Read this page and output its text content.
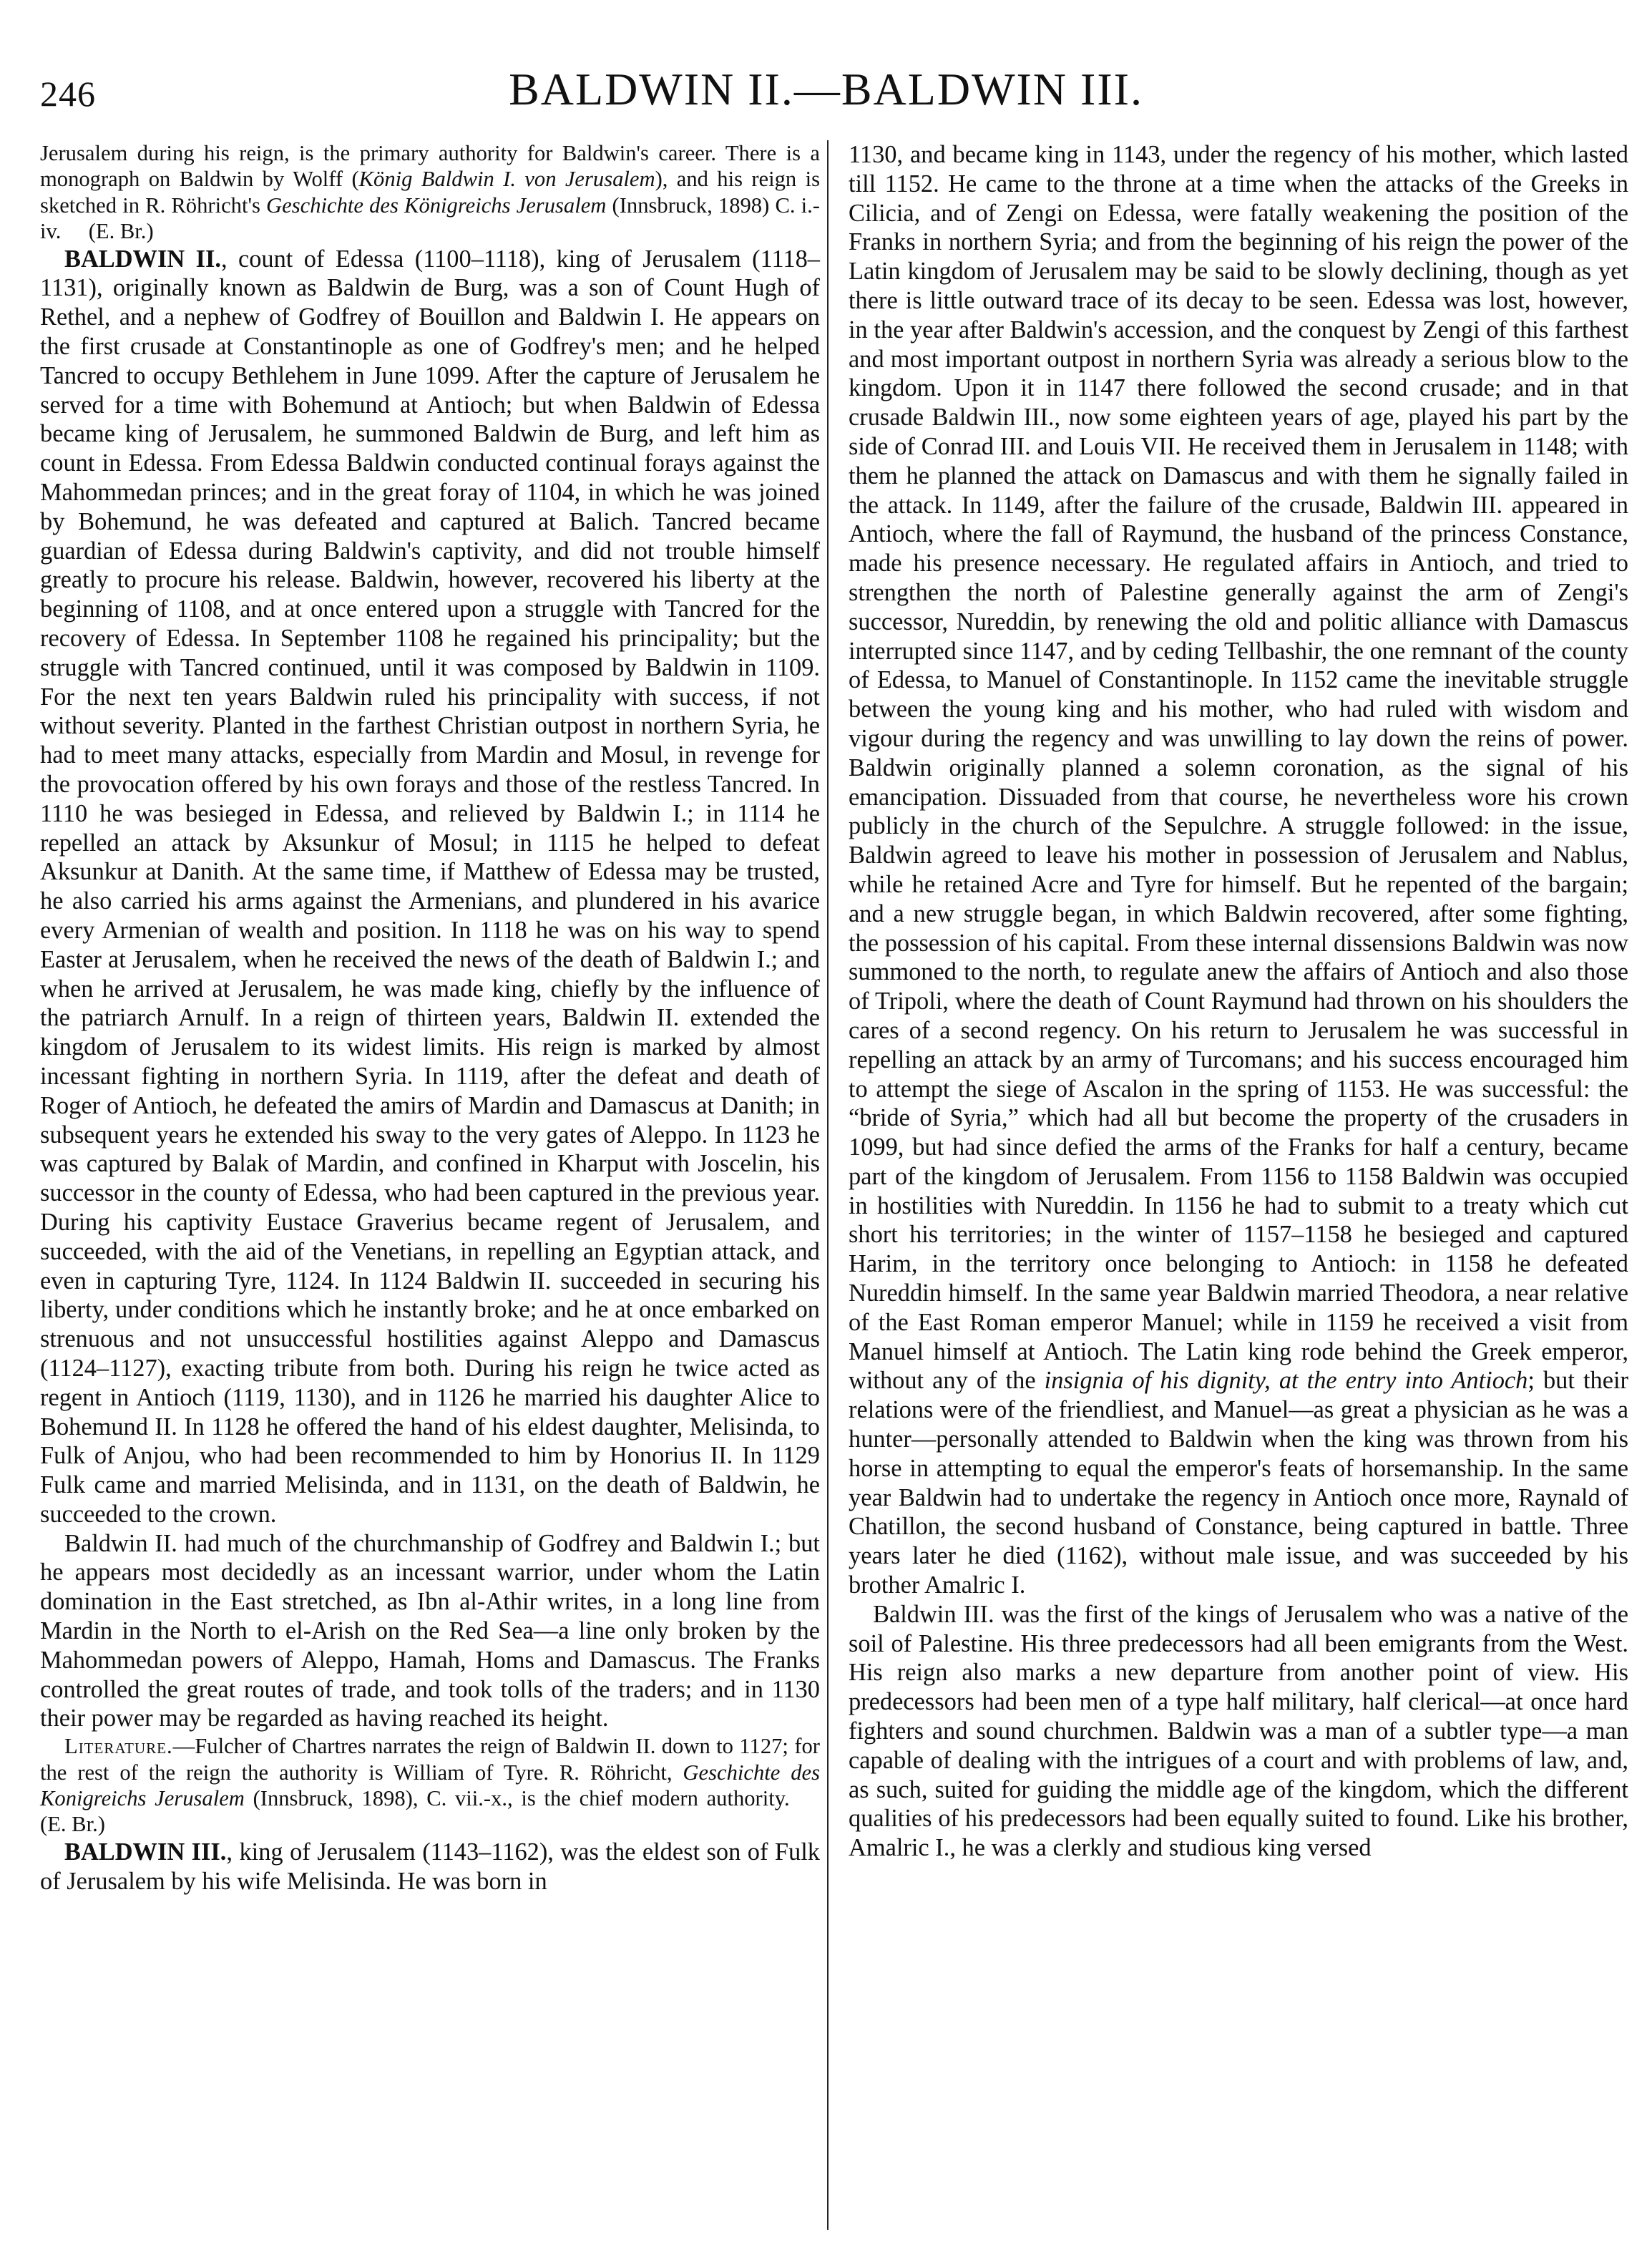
246	BALDWIN II.—BALDWIN III.

Jerusalem during his reign, is the primary authority for Baldwin's career. There is a monograph on Baldwin by Wolff (König Baldwin I. von Jerusalem), and his reign is sketched in R. Röhricht's Geschichte des Königreichs Jerusalem (Innsbruck, 1898) C. i.-iv.   (E. Br.)

BALDWIN II., count of Edessa (1100–1118), king of Jerusalem (1118–1131), originally known as Baldwin de Burg, was a son of Count Hugh of Rethel, and a nephew of Godfrey of Bouillon and Baldwin I. He appears on the first crusade at Constantinople as one of Godfrey's men; and he helped Tancred to occupy Bethlehem in June 1099. After the capture of Jerusalem he served for a time with Bohemund at Antioch; but when Baldwin of Edessa became king of Jerusalem, he summoned Baldwin de Burg, and left him as count in Edessa. From Edessa Baldwin conducted continual forays against the Mahommedan princes; and in the great foray of 1104, in which he was joined by Bohemund, he was defeated and captured at Balich. Tancred became guardian of Edessa during Baldwin's captivity, and did not trouble himself greatly to procure his release. Baldwin, however, recovered his liberty at the beginning of 1108, and at once entered upon a struggle with Tancred for the recovery of Edessa. In September 1108 he regained his principality; but the struggle with Tancred continued, until it was composed by Baldwin in 1109. For the next ten years Baldwin ruled his principality with success, if not without severity. Planted in the farthest Christian outpost in northern Syria, he had to meet many attacks, especially from Mardin and Mosul, in revenge for the provocation offered by his own forays and those of the restless Tancred. In 1110 he was besieged in Edessa, and relieved by Baldwin I.; in 1114 he repelled an attack by Aksunkur of Mosul; in 1115 he helped to defeat Aksunkur at Danith. At the same time, if Matthew of Edessa may be trusted, he also carried his arms against the Armenians, and plundered in his avarice every Armenian of wealth and position. In 1118 he was on his way to spend Easter at Jerusalem, when he received the news of the death of Baldwin I.; and when he arrived at Jerusalem, he was made king, chiefly by the influence of the patriarch Arnulf. In a reign of thirteen years, Baldwin II. extended the kingdom of Jerusalem to its widest limits. His reign is marked by almost incessant fighting in northern Syria. In 1119, after the defeat and death of Roger of Antioch, he defeated the amirs of Mardin and Damascus at Danith; in subsequent years he extended his sway to the very gates of Aleppo. In 1123 he was captured by Balak of Mardin, and confined in Kharput with Joscelin, his successor in the county of Edessa, who had been captured in the previous year. During his captivity Eustace Graverius became regent of Jerusalem, and succeeded, with the aid of the Venetians, in repelling an Egyptian attack, and even in capturing Tyre, 1124. In 1124 Baldwin II. succeeded in securing his liberty, under conditions which he instantly broke; and he at once embarked on strenuous and not unsuccessful hostilities against Aleppo and Damascus (1124–1127), exacting tribute from both. During his reign he twice acted as regent in Antioch (1119, 1130), and in 1126 he married his daughter Alice to Bohemund II. In 1128 he offered the hand of his eldest daughter, Melisinda, to Fulk of Anjou, who had been recommended to him by Honorius II. In 1129 Fulk came and married Melisinda, and in 1131, on the death of Baldwin, he succeeded to the crown.

Baldwin II. had much of the churchmanship of Godfrey and Baldwin I.; but he appears most decidedly as an incessant warrior, under whom the Latin domination in the East stretched, as Ibn al-Athir writes, in a long line from Mardin in the North to el-Arish on the Red Sea—a line only broken by the Mahommedan powers of Aleppo, Hamah, Homs and Damascus. The Franks controlled the great routes of trade, and took tolls of the traders; and in 1130 their power may be regarded as having reached its height.

Literature.—Fulcher of Chartres narrates the reign of Baldwin II. down to 1127; for the rest of the reign the authority is William of Tyre. R. Röhricht, Geschichte des Konigreichs Jerusalem (Innsbruck, 1898), C. vii.-x., is the chief modern authority.  (E. Br.)

BALDWIN III., king of Jerusalem (1143–1162), was the eldest son of Fulk of Jerusalem by his wife Melisinda. He was born in

1130, and became king in 1143, under the regency of his mother, which lasted till 1152. He came to the throne at a time when the attacks of the Greeks in Cilicia, and of Zengi on Edessa, were fatally weakening the position of the Franks in northern Syria; and from the beginning of his reign the power of the Latin kingdom of Jerusalem may be said to be slowly declining, though as yet there is little outward trace of its decay to be seen. Edessa was lost, however, in the year after Baldwin's accession, and the conquest by Zengi of this farthest and most important outpost in northern Syria was already a serious blow to the kingdom. Upon it in 1147 there followed the second crusade; and in that crusade Baldwin III., now some eighteen years of age, played his part by the side of Conrad III. and Louis VII. He received them in Jerusalem in 1148; with them he planned the attack on Damascus and with them he signally failed in the attack. In 1149, after the failure of the crusade, Baldwin III. appeared in Antioch, where the fall of Raymund, the husband of the princess Constance, made his presence necessary. He regulated affairs in Antioch, and tried to strengthen the north of Palestine generally against the arm of Zengi's successor, Nureddin, by renewing the old and politic alliance with Damascus interrupted since 1147, and by ceding Tellbashir, the one remnant of the county of Edessa, to Manuel of Constantinople. In 1152 came the inevitable struggle between the young king and his mother, who had ruled with wisdom and vigour during the regency and was unwilling to lay down the reins of power. Baldwin originally planned a solemn coronation, as the signal of his emancipation. Dissuaded from that course, he nevertheless wore his crown publicly in the church of the Sepulchre. A struggle followed: in the issue, Baldwin agreed to leave his mother in possession of Jerusalem and Nablus, while he retained Acre and Tyre for himself. But he repented of the bargain; and a new struggle began, in which Baldwin recovered, after some fighting, the possession of his capital. From these internal dissensions Baldwin was now summoned to the north, to regulate anew the affairs of Antioch and also those of Tripoli, where the death of Count Raymund had thrown on his shoulders the cares of a second regency. On his return to Jerusalem he was successful in repelling an attack by an army of Turcomans; and his success encouraged him to attempt the siege of Ascalon in the spring of 1153. He was successful: the “bride of Syria,” which had all but become the property of the crusaders in 1099, but had since defied the arms of the Franks for half a century, became part of the kingdom of Jerusalem. From 1156 to 1158 Baldwin was occupied in hostilities with Nureddin. In 1156 he had to submit to a treaty which cut short his territories; in the winter of 1157–1158 he besieged and captured Harim, in the territory once belonging to Antioch: in 1158 he defeated Nureddin himself. In the same year Baldwin married Theodora, a near relative of the East Roman emperor Manuel; while in 1159 he received a visit from Manuel himself at Antioch. The Latin king rode behind the Greek emperor, without any of the insignia of his dignity, at the entry into Antioch; but their relations were of the friendliest, and Manuel—as great a physician as he was a hunter—personally attended to Baldwin when the king was thrown from his horse in attempting to equal the emperor's feats of horsemanship. In the same year Baldwin had to undertake the regency in Antioch once more, Raynald of Chatillon, the second husband of Constance, being captured in battle. Three years later he died (1162), without male issue, and was succeeded by his brother Amalric I.

Baldwin III. was the first of the kings of Jerusalem who was a native of the soil of Palestine. His three predecessors had all been emigrants from the West. His reign also marks a new departure from another point of view. His predecessors had been men of a type half military, half clerical—at once hard fighters and sound churchmen. Baldwin was a man of a subtler type—a man capable of dealing with the intrigues of a court and with problems of law, and, as such, suited for guiding the middle age of the kingdom, which the different qualities of his predecessors had been equally suited to found. Like his brother, Amalric I., he was a clerkly and studious king versed
